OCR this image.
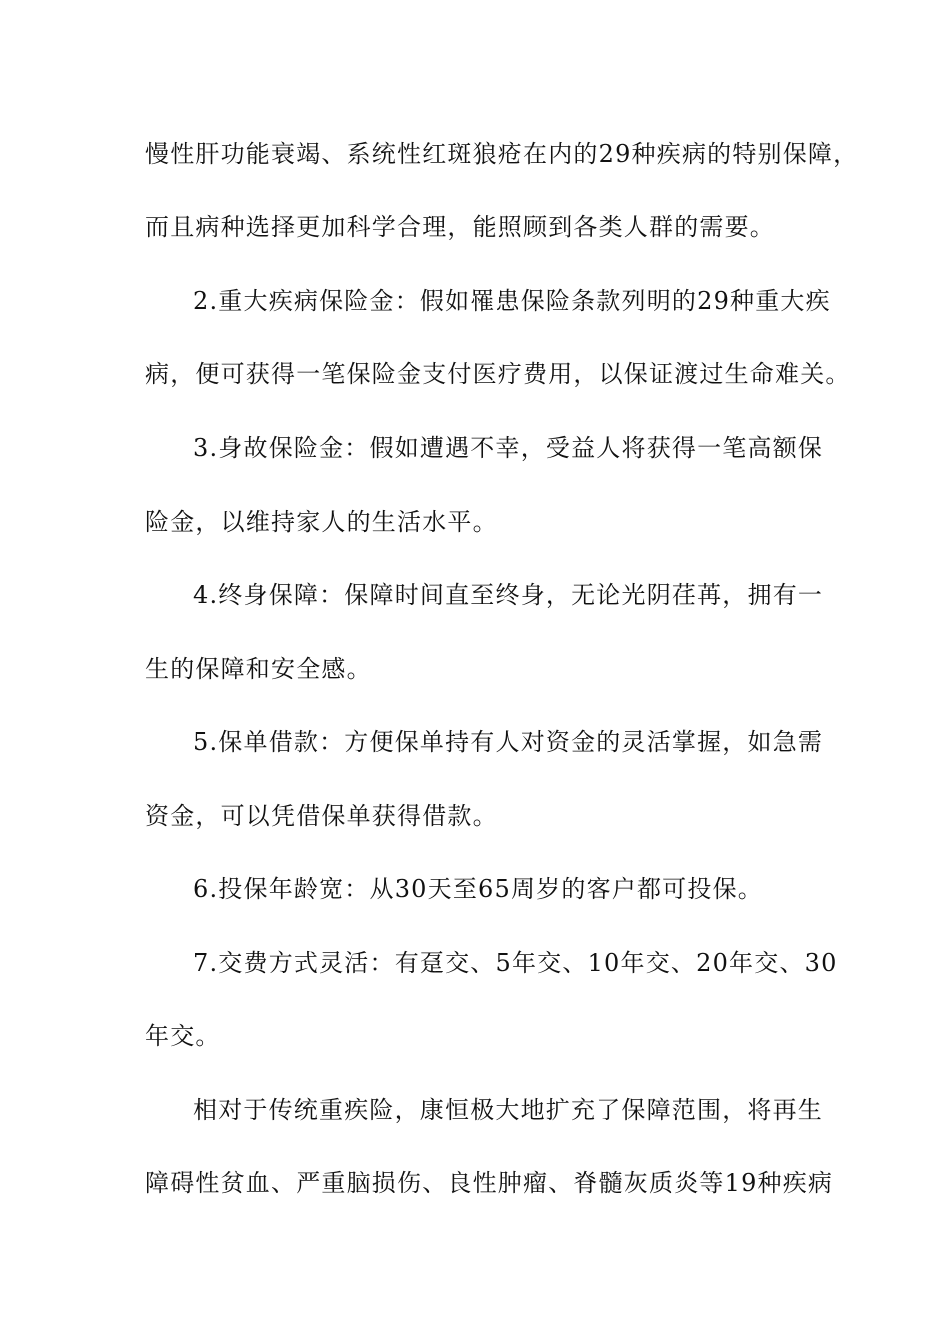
慢性肝功能衰竭、系统性红斑狼疮在内的29种疾病的特别保障，
而且病种选择更加科学合理，能照顾到各类人群的需要。
2.重大疾病保险金：假如罹患保险条款列明的29种重大疾
病，便可获得一笔保险金支付医疗费用，以保证渡过生命难关。
3.身故保险金：假如遭遇不幸，受益人将获得一笔高额保
险金，以维持家人的生活水平。
4.终身保障：保障时间直至终身，无论光阴荏苒，拥有一
生的保障和安全感。
5.保单借款：方便保单持有人对资金的灵活掌握，如急需
资金，可以凭借保单获得借款。
6.投保年龄宽：从30天至65周岁的客户都可投保。
7.交费方式灵活：有趸交、5年交、10年交、20年交、30
年交。
相对于传统重疾险，康恒极大地扩充了保障范围，将再生
障碍性贫血、严重脑损伤、良性肿瘤、脊髓灰质炎等19种疾病
